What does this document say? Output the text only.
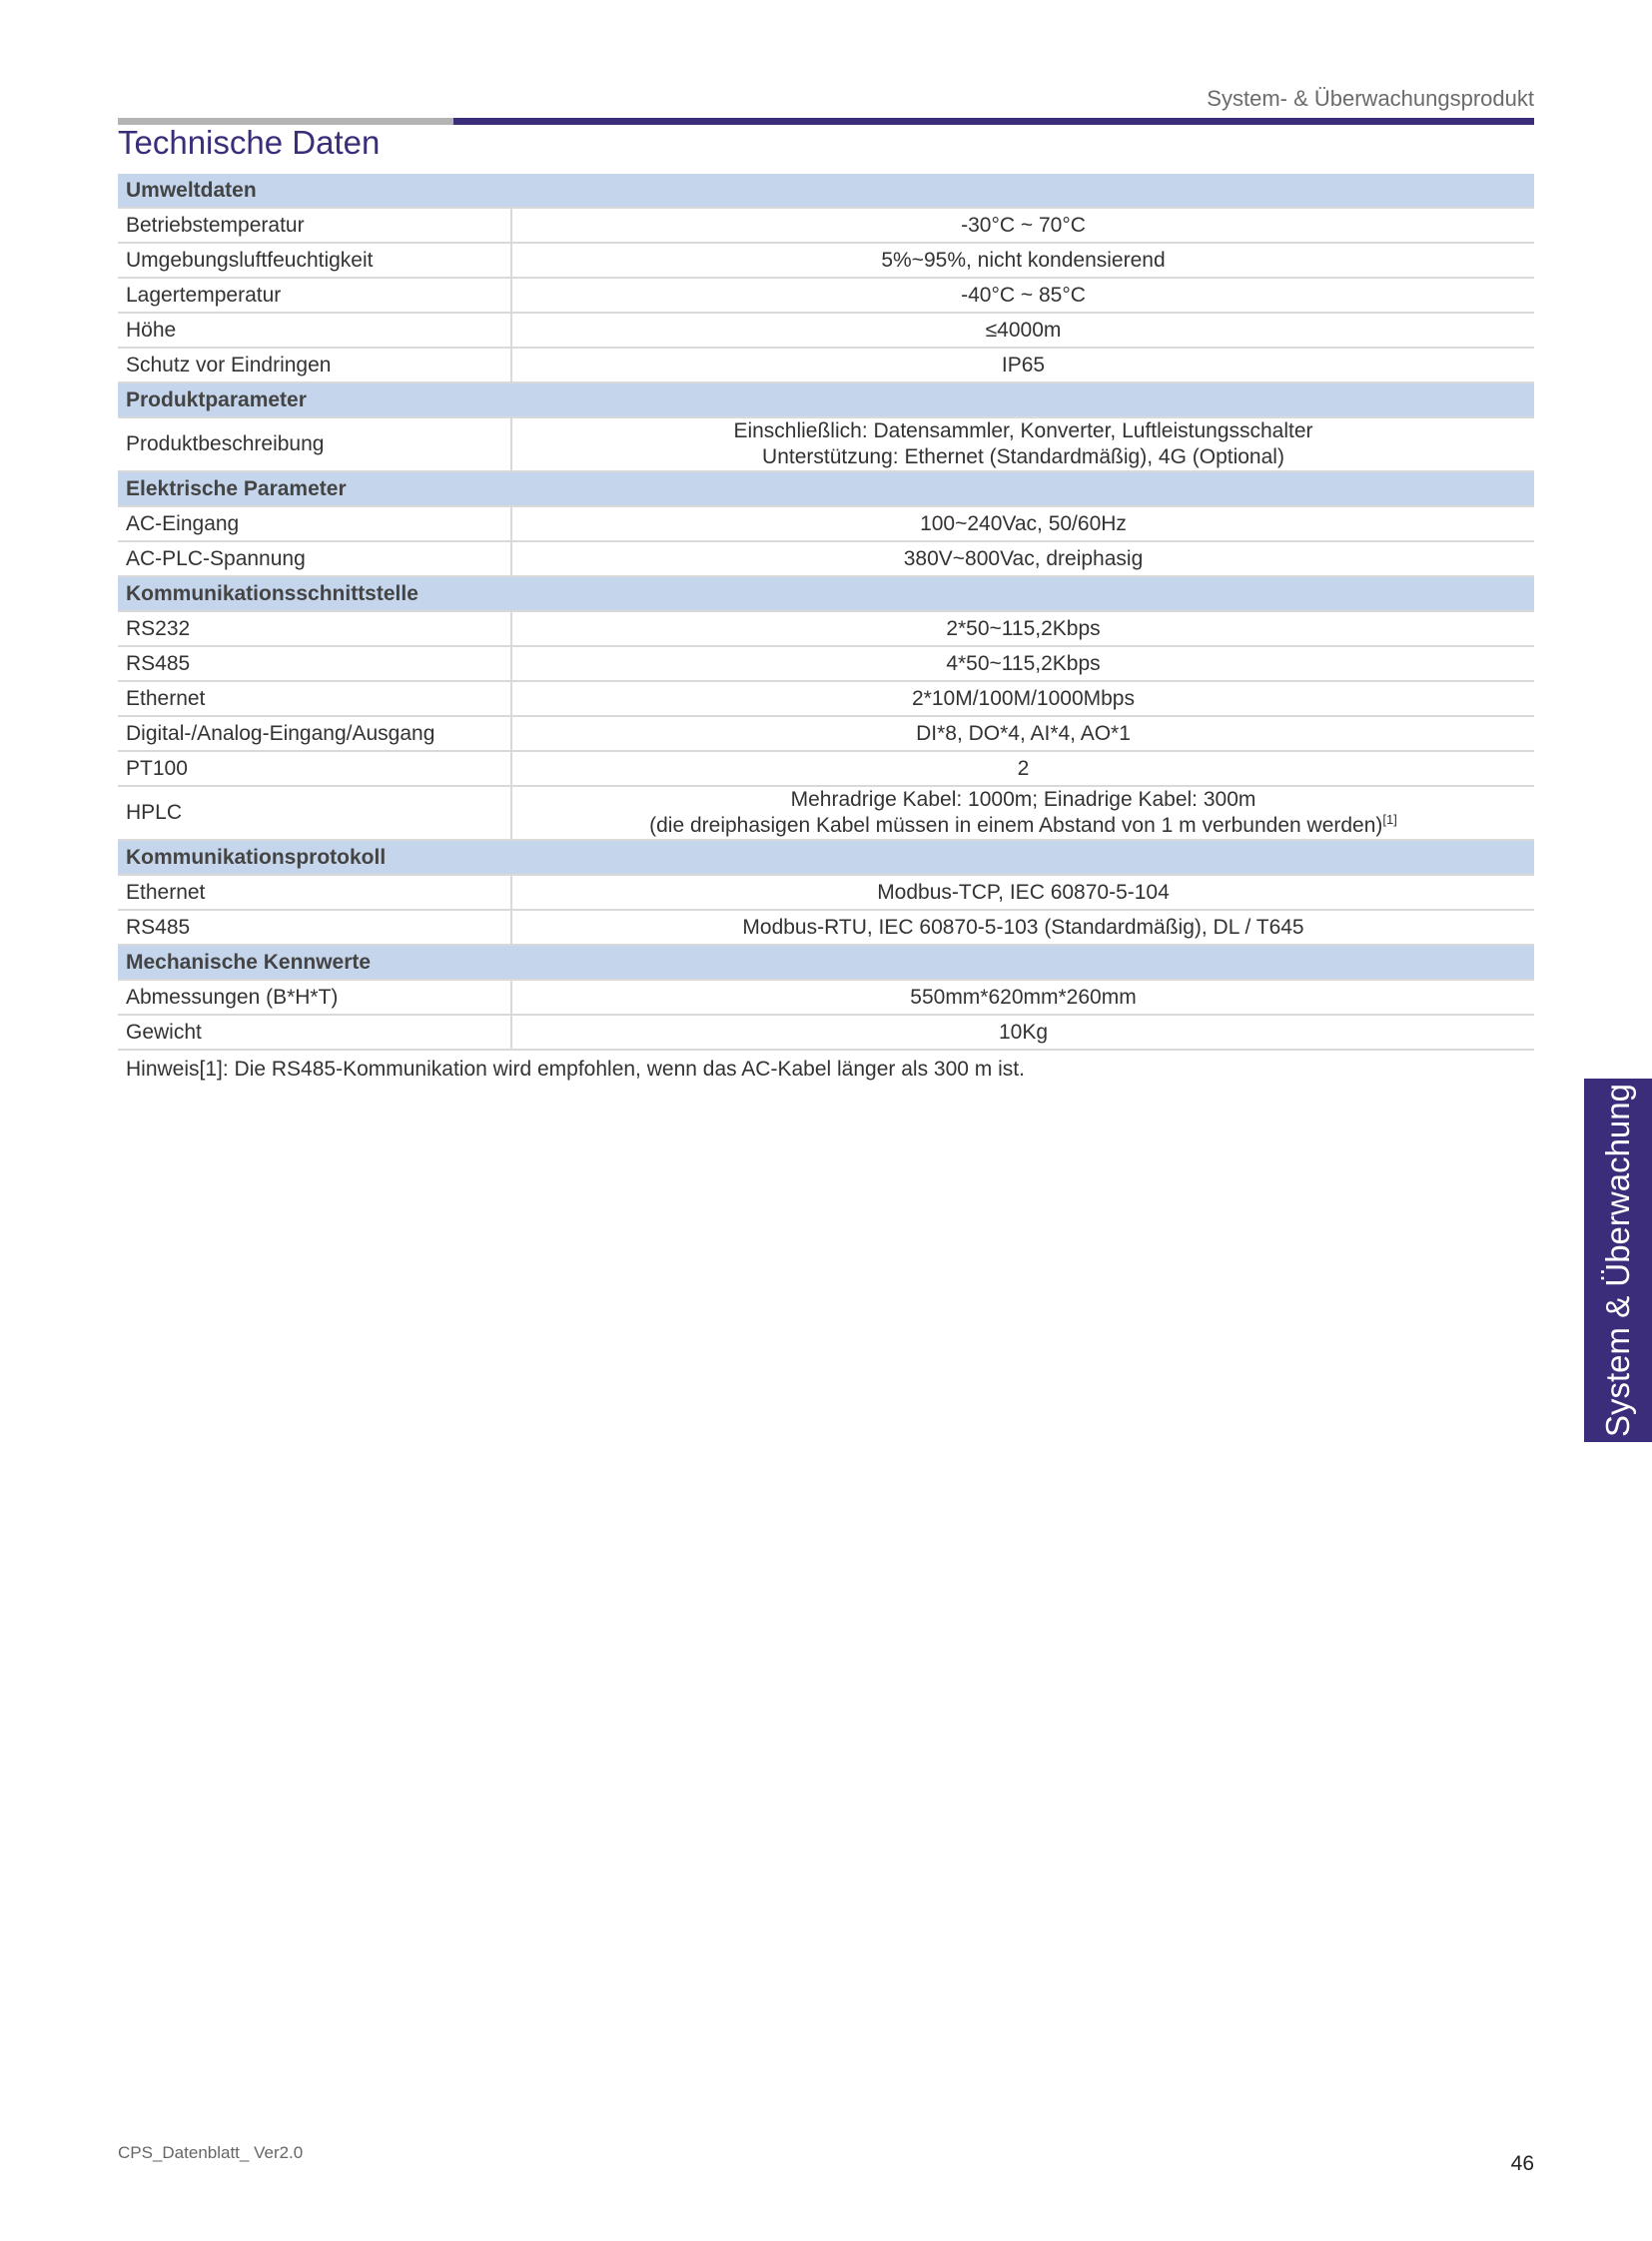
System- & Überwachungsprodukt
Technische Daten
Umweltdaten	
Betriebstemperatur	-30°C ~ 70°C
Umgebungsluftfeuchtigkeit	5%~95%, nicht kondensierend
Lagertemperatur	-40°C ~ 85°C
Höhe	≤4000m
Schutz vor Eindringen	IP65
Produktparameter	
Produktbeschreibung	Einschließlich: Datensammler, Konverter, Luftleistungsschalter
Unterstützung: Ethernet (Standardmäßig), 4G (Optional)

Elektrische Parameter	
AC-Eingang	100~240Vac, 50/60Hz
AC-PLC-Spannung	380V~800Vac, dreiphasig
Kommunikationsschnittstelle	
RS232	2*50~115,2Kbps
RS485	4*50~115,2Kbps
Ethernet	2*10M/100M/1000Mbps
Digital-/Analog-Eingang/Ausgang	DI*8, DO*4, AI*4, AO*1
PT100	2
HPLC	Mehradrige Kabel: 1000m; Einadrige Kabel: 300m
(die dreiphasigen Kabel müssen in einem Abstand von 1 m verbunden werden)[1]

Kommunikationsprotokoll	
Ethernet	Modbus-TCP, IEC 60870-5-104
RS485	Modbus-RTU, IEC 60870-5-103 (Standardmäßig), DL / T645
Mechanische Kennwerte	
Abmessungen (B*H*T)	550mm*620mm*260mm
Gewicht	10Kg
Hinweis[1]: Die RS485-Kommunikation wird empfohlen, wenn das AC-Kabel länger als 300 m ist.
System & Überwachung
CPS_Datenblatt_ Ver2.0	46
